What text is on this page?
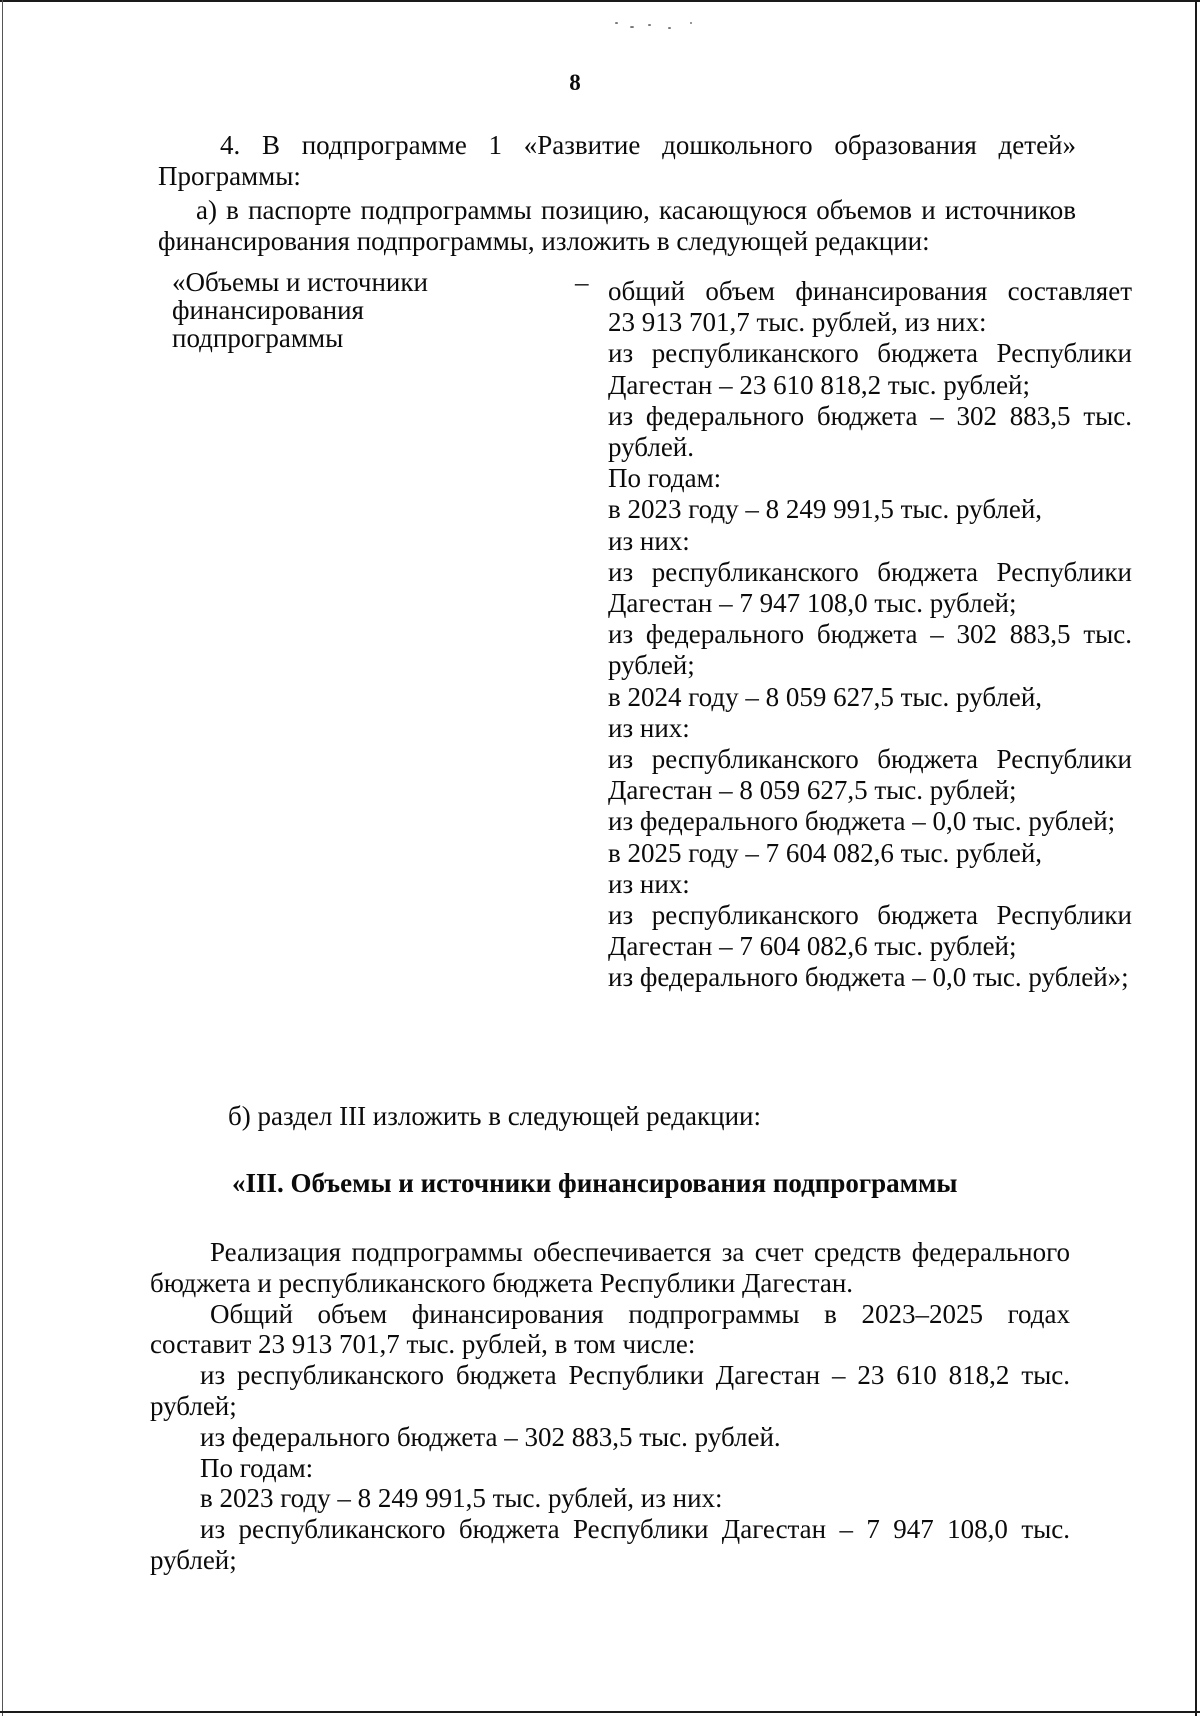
8

4. В подпрограмме 1 «Развитие дошкольного образования детей» Программы:

а) в паспорте подпрограммы позицию, касающуюся объемов и источников финансирования подпрограммы, изложить в следующей редакции:

«Объемы и источники финансирования подпрограммы
– общий объем финансирования составляет
23 913 701,7 тыс. рублей, из них:
из республиканского бюджета Республики
Дагестан – 23 610 818,2 тыс. рублей;
из федерального бюджета – 302 883,5 тыс.
рублей.
По годам:
в 2023 году – 8 249 991,5 тыс. рублей,
из них:
из республиканского бюджета Республики
Дагестан – 7 947 108,0 тыс. рублей;
из федерального бюджета – 302 883,5 тыс.
рублей;
в 2024 году – 8 059 627,5 тыс. рублей,
из них:
из республиканского бюджета Республики
Дагестан – 8 059 627,5 тыс. рублей;
из федерального бюджета – 0,0 тыс. рублей;
в 2025 году – 7 604 082,6 тыс. рублей,
из них:
из республиканского бюджета Республики
Дагестан – 7 604 082,6 тыс. рублей;
из федерального бюджета – 0,0 тыс. рублей»;
б) раздел III изложить в следующей редакции:
«III. Объемы и источники финансирования подпрограммы

Реализация подпрограммы обеспечивается за счет средств федерального бюджета и республиканского бюджета Республики Дагестан.

Общий объем финансирования подпрограммы в 2023–2025 годах составит 23 913 701,7 тыс. рублей, в том числе:

из республиканского бюджета Республики Дагестан – 23 610 818,2 тыс. рублей;

из федерального бюджета – 302 883,5 тыс. рублей.

По годам:

в 2023 году – 8 249 991,5 тыс. рублей, из них:

из республиканского бюджета Республики Дагестан – 7 947 108,0 тыс. рублей;
